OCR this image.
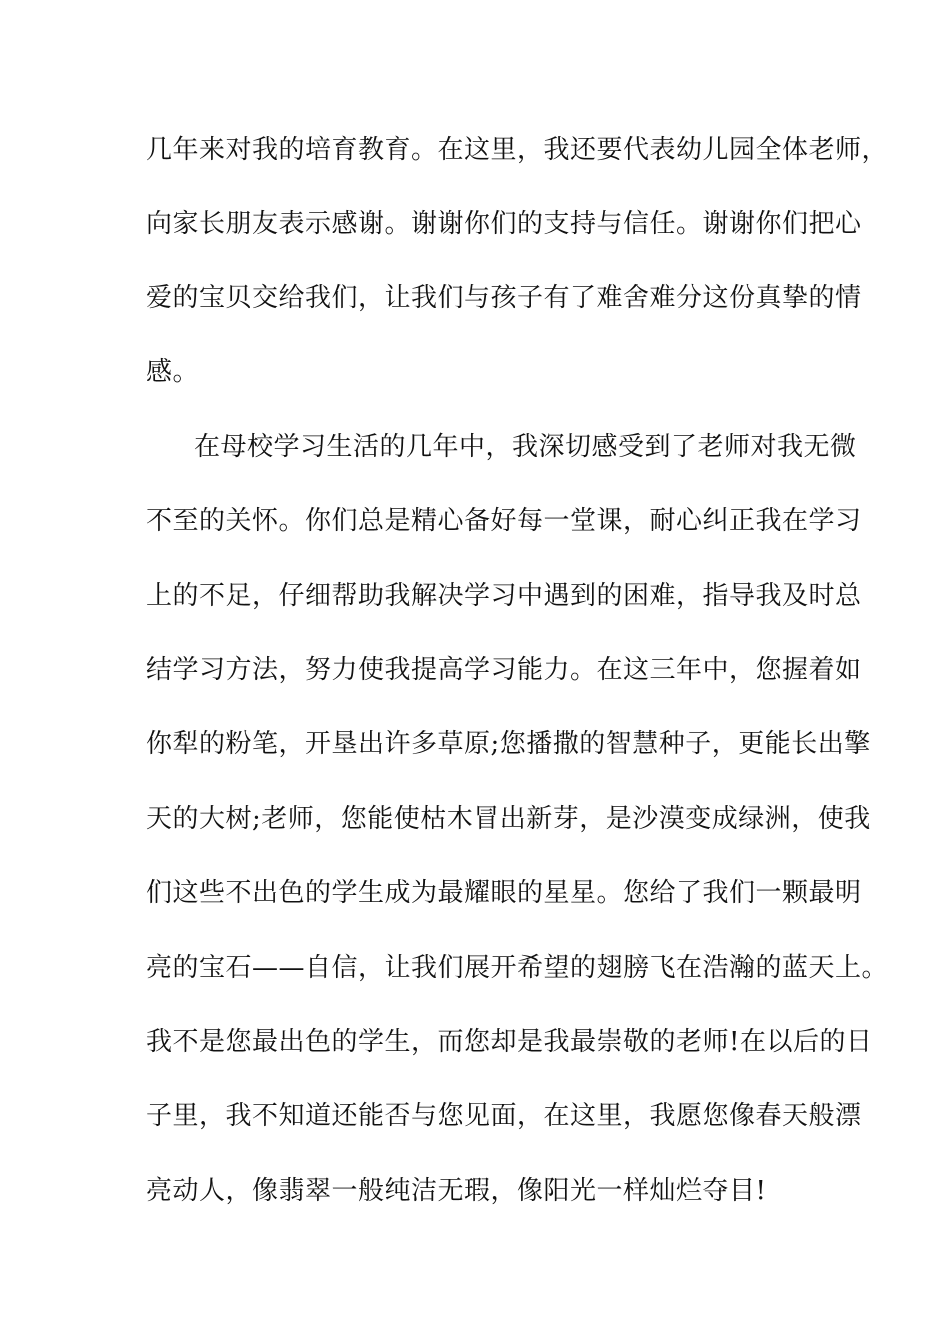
几年来对我的培育教育。在这里，我还要代表幼儿园全体老师，
向家长朋友表示感谢。谢谢你们的支持与信任。谢谢你们把心
爱的宝贝交给我们，让我们与孩子有了难舍难分这份真挚的情
感。
在母校学习生活的几年中，我深切感受到了老师对我无微
不至的关怀。你们总是精心备好每一堂课，耐心纠正我在学习
上的不足，仔细帮助我解决学习中遇到的困难，指导我及时总
结学习方法，努力使我提高学习能力。在这三年中，您握着如
你犁的粉笔，开垦出许多草原;您播撒的智慧种子，更能长出擎
天的大树;老师，您能使枯木冒出新芽，是沙漠变成绿洲，使我
们这些不出色的学生成为最耀眼的星星。您给了我们一颗最明
亮的宝石——自信，让我们展开希望的翅膀飞在浩瀚的蓝天上。
我不是您最出色的学生，而您却是我最崇敬的老师!在以后的日
子里，我不知道还能否与您见面，在这里，我愿您像春天般漂
亮动人，像翡翠一般纯洁无瑕，像阳光一样灿烂夺目!
